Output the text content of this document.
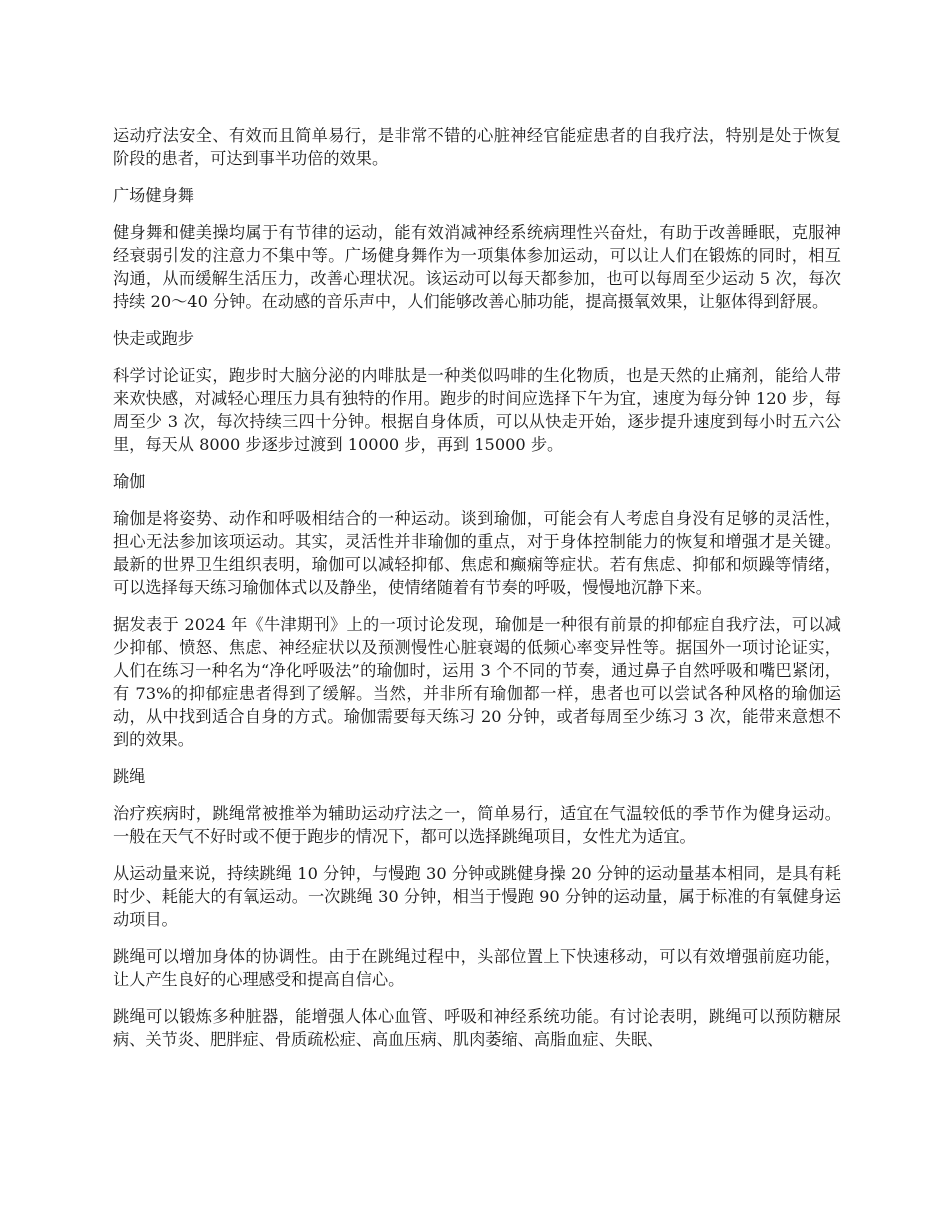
运动疗法安全、有效而且简单易行，是非常不错的心脏神经官能症患者的自我疗法，特别是处于恢复阶段的患者，可达到事半功倍的效果。

广场健身舞

健身舞和健美操均属于有节律的运动，能有效消减神经系统病理性兴奋灶，有助于改善睡眠，克服神经衰弱引发的注意力不集中等。广场健身舞作为一项集体参加运动，可以让人们在锻炼的同时，相互沟通，从而缓解生活压力，改善心理状况。该运动可以每天都参加，也可以每周至少运动 5 次，每次持续 20～40 分钟。在动感的音乐声中，人们能够改善心肺功能，提高摄氧效果，让躯体得到舒展。

快走或跑步

科学讨论证实，跑步时大脑分泌的内啡肽是一种类似吗啡的生化物质，也是天然的止痛剂，能给人带来欢快感，对减轻心理压力具有独特的作用。跑步的时间应选择下午为宜，速度为每分钟 120 步，每周至少 3 次，每次持续三四十分钟。根据自身体质，可以从快走开始，逐步提升速度到每小时五六公里，每天从 8000 步逐步过渡到 10000 步，再到 15000 步。

瑜伽

瑜伽是将姿势、动作和呼吸相结合的一种运动。谈到瑜伽，可能会有人考虑自身没有足够的灵活性，担心无法参加该项运动。其实，灵活性并非瑜伽的重点，对于身体控制能力的恢复和增强才是关键。最新的世界卫生组织表明，瑜伽可以减轻抑郁、焦虑和癫痫等症状。若有焦虑、抑郁和烦躁等情绪，可以选择每天练习瑜伽体式以及静坐，使情绪随着有节奏的呼吸，慢慢地沉静下来。

据发表于 2024 年《牛津期刊》上的一项讨论发现，瑜伽是一种很有前景的抑郁症自我疗法，可以减少抑郁、愤怒、焦虑、神经症状以及预测慢性心脏衰竭的低频心率变异性等。据国外一项讨论证实，人们在练习一种名为“净化呼吸法”的瑜伽时，运用 3 个不同的节奏，通过鼻子自然呼吸和嘴巴紧闭，有 73%的抑郁症患者得到了缓解。当然，并非所有瑜伽都一样，患者也可以尝试各种风格的瑜伽运动，从中找到适合自身的方式。瑜伽需要每天练习 20 分钟，或者每周至少练习 3 次，能带来意想不到的效果。

跳绳

治疗疾病时，跳绳常被推举为辅助运动疗法之一，简单易行，适宜在气温较低的季节作为健身运动。一般在天气不好时或不便于跑步的情况下，都可以选择跳绳项目，女性尤为适宜。

从运动量来说，持续跳绳 10 分钟，与慢跑 30 分钟或跳健身操 20 分钟的运动量基本相同，是具有耗时少、耗能大的有氧运动。一次跳绳 30 分钟，相当于慢跑 90 分钟的运动量，属于标准的有氧健身运动项目。

跳绳可以增加身体的协调性。由于在跳绳过程中，头部位置上下快速移动，可以有效增强前庭功能，让人产生良好的心理感受和提高自信心。

跳绳可以锻炼多种脏器，能增强人体心血管、呼吸和神经系统功能。有讨论表明，跳绳可以预防糖尿病、关节炎、肥胖症、骨质疏松症、高血压病、肌肉萎缩、高脂血症、失眠、
